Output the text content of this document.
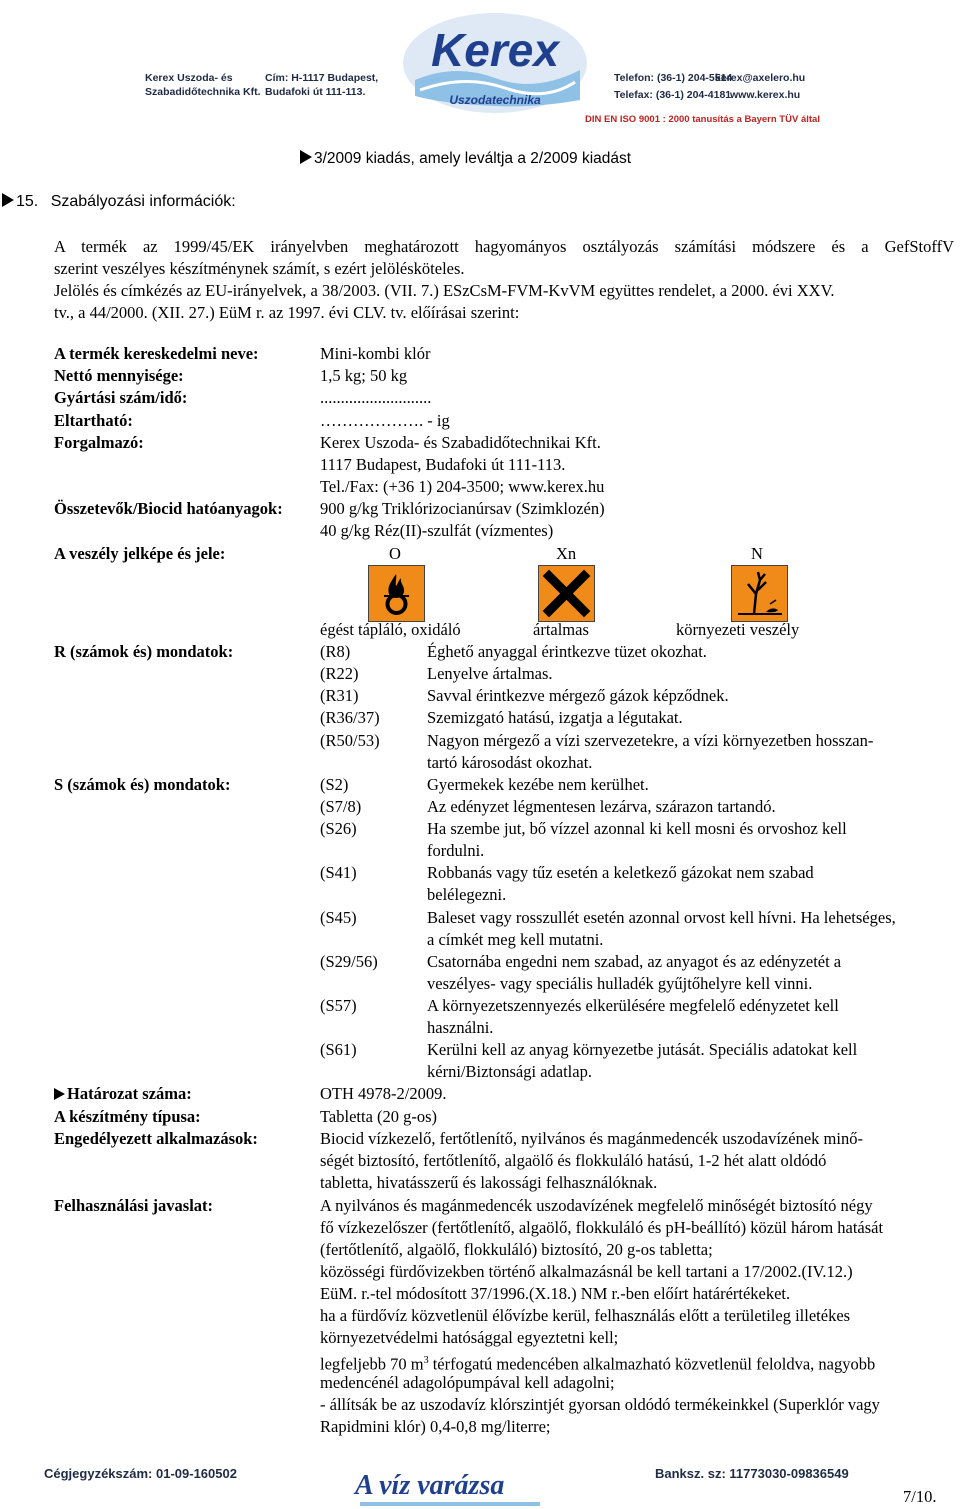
Kerex Uszoda- és
Szabadidőtechnika Kft.
Cím: H-1117 Budapest,
Budafoki út 111-113.
Kerex
Uszodatechnika
Telefon: (36-1) 204-5514
Telefax: (36-1) 204-4181
kerex@axelero.hu
www.kerex.hu
DIN EN ISO 9001 : 2000 tanusítás a Bayern TÜV által
3/2009 kiadás, amely leváltja a 2/2009 kiadást
15. Szabályozási információk:
A termék az 1999/45/EK irányelvben meghatározott hagyományos osztályozás számítási módszere és a GefStoffV
szerint veszélyes készítménynek számít, s ezért jelölésköteles.
Jelölés és címkézés az EU-irányelvek, a 38/2003. (VII. 7.) ESzCsM-FVM-KvVM együttes rendelet, a 2000. évi XXV.
tv., a 44/2000. (XII. 27.) EüM r. az 1997. évi CLV. tv. előírásai szerint:
A termék kereskedelmi neve:	Mini-kombi klór
Nettó mennyisége:	1,5 kg; 50 kg
Gyártási szám/idő:	...........................
Eltartható:	………………. - ig
Forgalmazó:	Kerex Uszoda- és Szabadidőtechnikai Kft.
1117 Budapest, Budafoki út 111-113.
Tel./Fax: (+36 1) 204-3500; www.kerex.hu
Összetevők/Biocid hatóanyagok: 900 g/kg Triklórizocianúrsav (Szimklozén)
40 g/kg Réz(II)-szulfát (vízmentes)
A veszély jelképe és jele:	O	Xn	N
égést tápláló, oxidáló	ártalmas	környezeti veszély
R (számok és) mondatok:	(R8)	Éghető anyaggal érintkezve tüzet okozhat.
(R22)	Lenyelve ártalmas.
(R31)	Savval érintkezve mérgező gázok képződnek.
(R36/37)	Szemizgató hatású, izgatja a légutakat.
(R50/53)	Nagyon mérgező a vízi szervezetekre, a vízi környezetben hosszan-
tartó károsodást okozhat.
S (számok és) mondatok:	(S2)	Gyermekek kezébe nem kerülhet.
(S7/8)	Az edényzet légmentesen lezárva, szárazon tartandó.
(S26)	Ha szembe jut, bő vízzel azonnal ki kell mosni és orvoshoz kell
fordulni.
(S41)	Robbanás vagy tűz esetén a keletkező gázokat nem szabad
belélegezni.
(S45)	Baleset vagy rosszullét esetén azonnal orvost kell hívni. Ha lehetséges,
a címkét meg kell mutatni.
(S29/56)	Csatornába engedni nem szabad, az anyagot és az edényzetét a
veszélyes- vagy speciális hulladék gyűjtőhelyre kell vinni.
(S57)	A környezetszennyezés elkerülésére megfelelő edényzetet kell
használni.
(S61)	Kerülni kell az anyag környezetbe jutását. Speciális adatokat kell
kérni/Biztonsági adatlap.
Határozat száma:	OTH 4978-2/2009.
A készítmény típusa:	Tabletta (20 g-os)
Engedélyezett alkalmazások:	Biocid vízkezelő, fertőtlenítő, nyilvános és magánmedencék uszodavízének minő-
ségét biztosító, fertőtlenítő, algaölő és flokkuláló hatású, 1-2 hét alatt oldódó
tabletta, hivatásszerű és lakossági felhasználóknak.
Felhasználási javaslat:	A nyilvános és magánmedencék uszodavízének megfelelő minőségét biztosító négy
fő vízkezelőszer (fertőtlenítő, algaölő, flokkuláló és pH-beállító) közül három hatását
(fertőtlenítő, algaölő, flokkuláló) biztosító, 20 g-os tabletta;
közösségi fürdővizekben történő alkalmazásnál be kell tartani a 17/2002.(IV.12.)
EüM. r.-tel módosított 37/1996.(X.18.) NM r.-ben előírt határértékeket.
ha a fürdővíz közvetlenül élővízbe kerül, felhasználás előtt a területileg illetékes
környezetvédelmi hatósággal egyeztetni kell;
legfeljebb 70 $m^3$ térfogatú medencében alkalmazható közvetlenül feloldva, nagyobb
medencénél adagolópumpával kell adagolni;
- állítsák be az uszodavíz klórszintjét gyorsan oldódó termékeinkkel (Superklór vagy
Rapidmini klór) 0,4-0,8 mg/literre;
Cégjegyzékszám: 01-09-160502	A víz varázsa	Banksz. sz: 11773030-09836549
7/10.
